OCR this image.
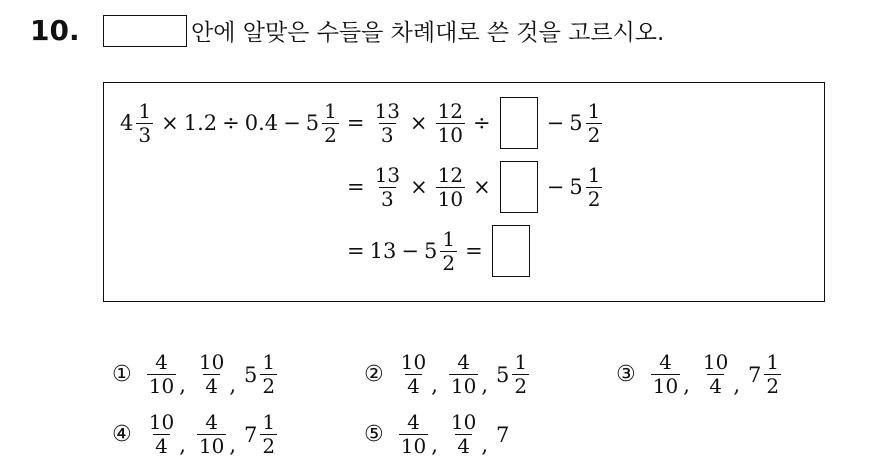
10.	안에 알맞은 수들을 차례대로 쓴 것을 고르시오.
$4 \frac{1}{3} \times 1.2 \div 0.4 - 5 \frac{1}{2} = \frac{13}{3} \times \frac{12}{10}$ ÷	− $5 \frac{1}{2}$
= $\frac{13}{3} \times \frac{12}{10}$ ×	− $5 \frac{1}{2}$
= $13 - 5 \frac{1}{2}$ =
① $\frac{4}{10}$ , $\frac{10}{4}$ , $5 \frac{1}{2}$	② $\frac{10}{4}$ , $\frac{4}{10}$ , $5 \frac{1}{2}$	③ $\frac{4}{10}$ , $\frac{10}{4}$ , $7 \frac{1}{2}$
④ $\frac{10}{4}$ , $\frac{4}{10}$ , $7 \frac{1}{2}$	⑤ $\frac{4}{10}$ , $\frac{10}{4}$ , 7
